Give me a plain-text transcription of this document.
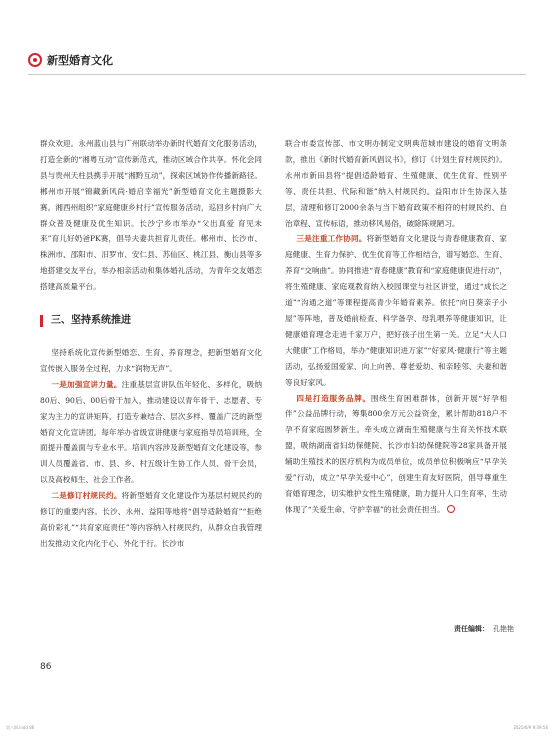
新型婚育文化

群众欢迎。永州蓝山县与广州联动举办新时代婚育文化服务活动，打造全新的“湘粤互动”宣传新范式，推动区域合作共享。怀化会同县与贵州天柱县携手开展“湘黔互动”，探索区域协作传播新路径。郴州市开展“锦藏新风尚·婚启幸福光”新型婚育文化主题摄影大赛。湘西州组织“家庭健康乡村行”宣传服务活动，巡回乡村向广大群众普及健康及优生知识。长沙宁乡市举办“父出真爱 育见未来”育儿好奶爸PK赛，倡导夫妻共担育儿责任。郴州市、长沙市、株洲市、邵阳市、汨罗市、安仁县、苏仙区、桃江县、衡山县等多地搭建交友平台，举办相亲活动和集体婚礼活动，为青年交友婚恋搭建高质量平台。

三、坚持系统推进

坚持系统化宣传新型婚恋、生育、养育理念，把新型婚育文化宣传嵌入服务全过程，力求“润物无声”。

一是加强宣讲力量。注重基层宣讲队伍年轻化、多样化，吸纳80后、90后、00后骨干加入，推动建设以青年骨干、志愿者、专家为主力的宣讲矩阵，打造专兼结合、层次多样、覆盖广泛的新型婚育文化宣讲团。每年举办省级宣讲健康与家庭指导员培训班，全面提升覆盖面与专业水平。培训内容涉及新型婚育文化建设等，参训人员覆盖省、市、县、乡、村五级计生协工作人员、骨干会员，以及高校师生、社会工作者。

二是修订村规民约。将新型婚育文化建设作为基层村规民约的修订的重要内容。长沙、永州、益阳等地将“倡导适龄婚育”“拒绝高价彩礼”“共育家庭责任”等内容纳入村规民约，从群众自我管理出发推动文化内化于心、外化于行。长沙市

联合市委宣传部、市文明办制定文明典范城市建设的婚育文明条款，推出《新时代婚育新风倡议书》，修订《计划生育村规民约》。永州市新田县将“提倡适龄婚育、生殖健康、优生优育、性别平等、责任共担、代际和谐”纳入村规民约。益阳市计生协深入基层，清理和修订2000余条与当下婚育政策不相符的村规民约、自治章程、宣传标语，推动移风易俗，破除陈规陋习。

三是注重工作协同。将新型婚育文化建设与青春健康教育、家庭健康、生育力保护、优生优育等工作相结合，谱写婚恋、生育、养育“交响曲”。协同推进“青春健康”教育和“家庭健康促进行动”，将生殖健康、家庭观教育纳入校园课堂与社区讲堂，通过“成长之道”“沟通之道”等课程提高青少年婚育素养。依托“向日葵亲子小屋”等阵地，普及婚前检查、科学备孕、母乳喂养等健康知识，让健康婚育理念走进千家万户，把好孩子出生第一关。立足“大人口 大健康”工作格局，举办“健康知识进万家”“好家风·健康行”等主题活动，弘扬爱国爱家、向上向善、尊老爱幼、和亲睦邻、夫妻和谐等良好家风。

四是打造服务品牌。围绕生育困难群体，创新开展“好孕相伴”公益品牌行动，筹集800余万元公益资金，累计帮助818户不孕不育家庭圆梦新生。牵头成立湖南生殖健康与生育关怀技术联盟，吸纳湖南省妇幼保健院、长沙市妇幼保健院等28家具备开展辅助生殖技术的医疗机构为成员单位，成员单位积极响应“早孕关爱”行动，成立“早孕关爱中心”，创建生育友好医院，倡导尊重生育婚育理念，切实维护女性生殖健康，助力提升人口生育率，生动体现了“关爱生命、守护幸福”的社会责任担当。

责任编辑： 孔艳艳
86
第六期.indd 86	2025/6/9 9:39:56
